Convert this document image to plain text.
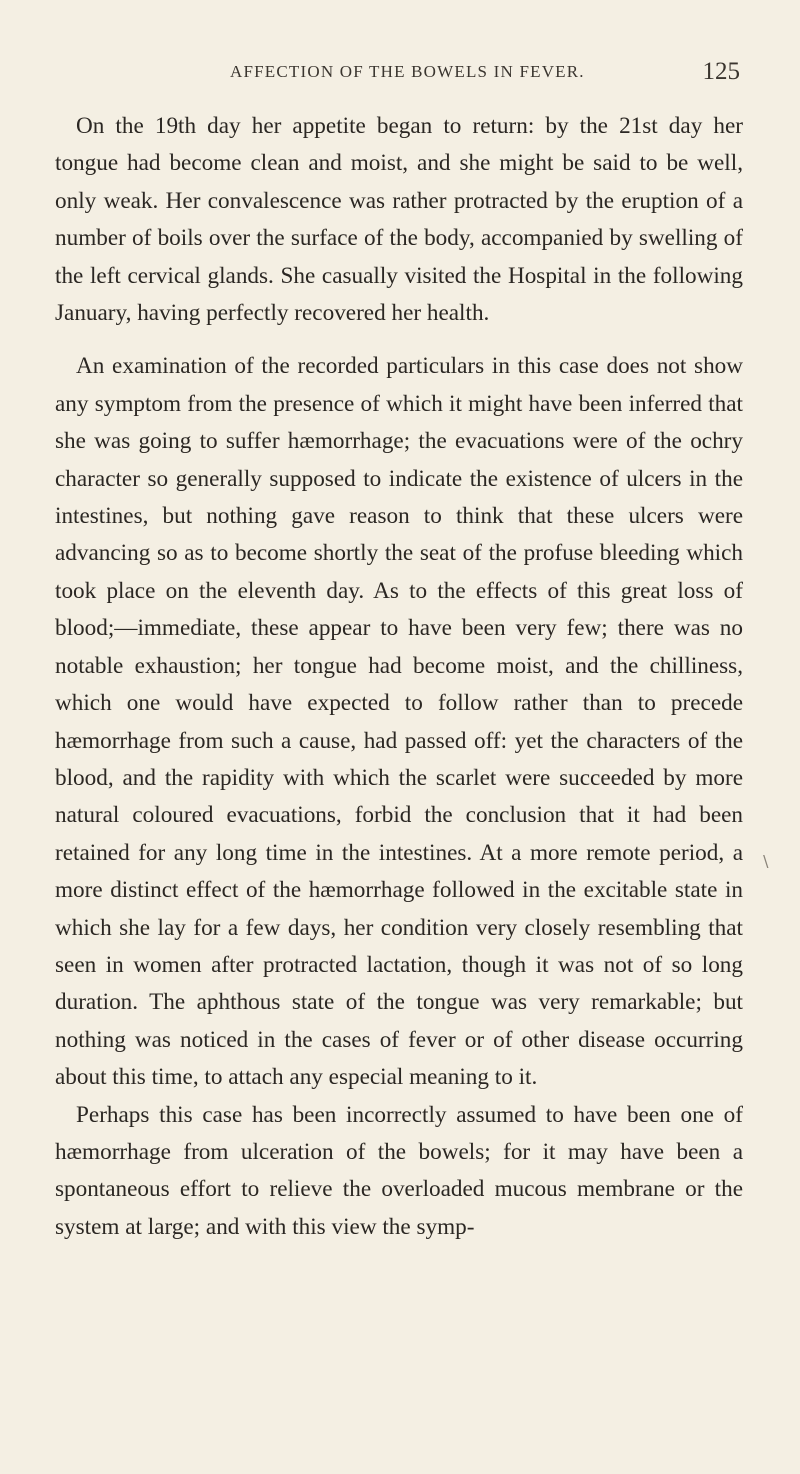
AFFECTION OF THE BOWELS IN FEVER.	125

On the 19th day her appetite began to return: by the 21st day her tongue had become clean and moist, and she might be said to be well, only weak. Her convalescence was rather protracted by the eruption of a number of boils over the surface of the body, accompanied by swelling of the left cervical glands. She casually visited the Hospital in the following January, having perfectly recovered her health.

An examination of the recorded particulars in this case does not show any symptom from the presence of which it might have been inferred that she was going to suffer hæmorrhage; the evacuations were of the ochry character so generally supposed to indicate the existence of ulcers in the intestines, but nothing gave reason to think that these ulcers were advancing so as to become shortly the seat of the profuse bleeding which took place on the eleventh day. As to the effects of this great loss of blood;—immediate, these appear to have been very few; there was no notable exhaustion; her tongue had become moist, and the chilliness, which one would have expected to follow rather than to precede hæmorrhage from such a cause, had passed off: yet the characters of the blood, and the rapidity with which the scarlet were succeeded by more natural coloured evacuations, forbid the conclusion that it had been retained for any long time in the intestines. At a more remote period, a more distinct effect of the hæmorrhage followed in the excitable state in which she lay for a few days, her condition very closely resembling that seen in women after protracted lactation, though it was not of so long duration. The aphthous state of the tongue was very remarkable; but nothing was noticed in the cases of fever or of other disease occurring about this time, to attach any especial meaning to it.

Perhaps this case has been incorrectly assumed to have been one of hæmorrhage from ulceration of the bowels; for it may have been a spontaneous effort to relieve the overloaded mucous membrane or the system at large; and with this view the symp-

∖
